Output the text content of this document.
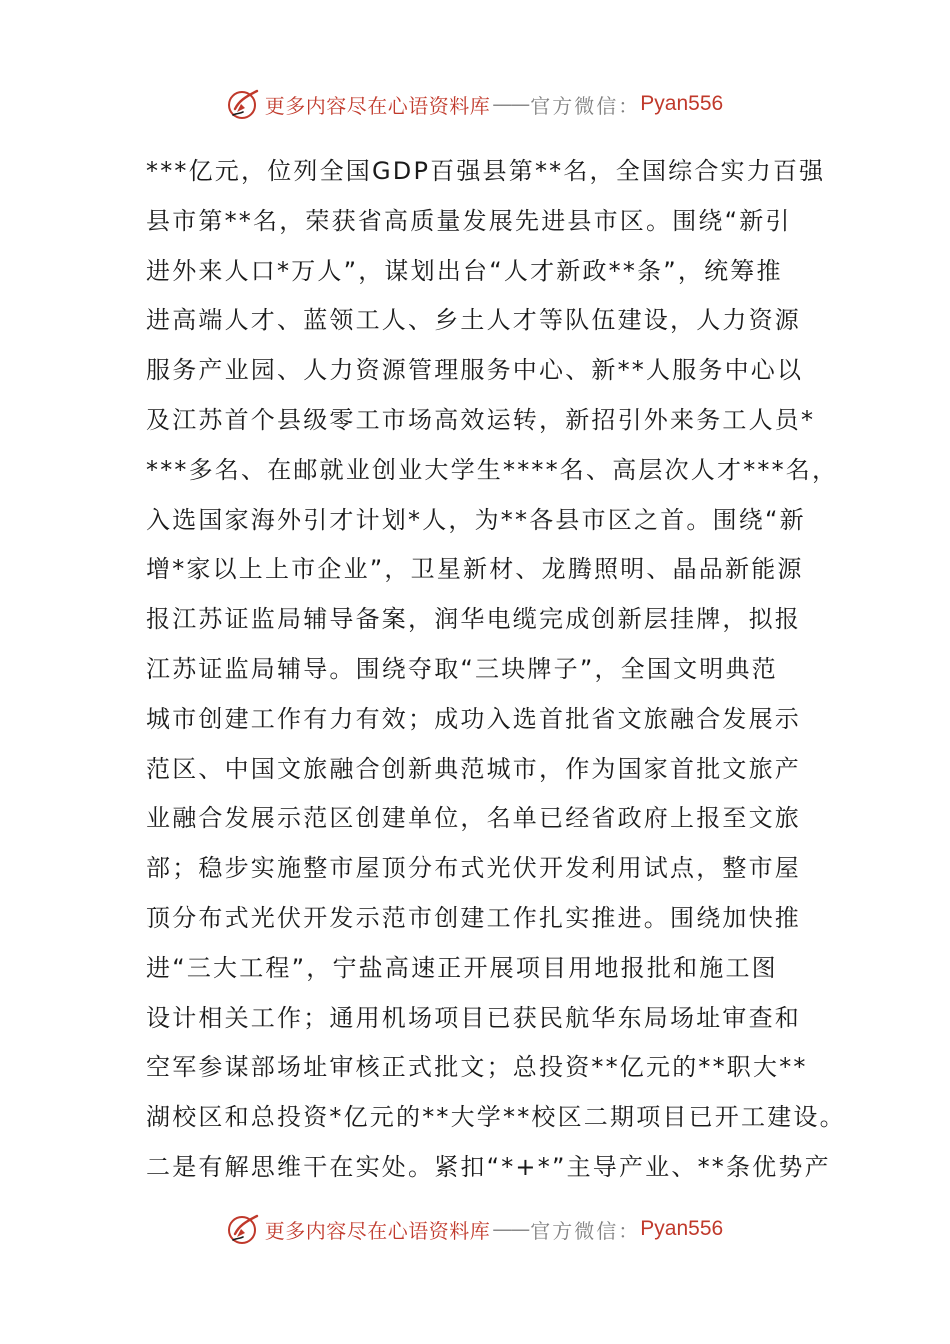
更多内容尽在心语资料库 —— 官方微信： Pyan556
***亿元，位列全国GDP百强县第**名，全国综合实力百强
县市第**名，荣获省高质量发展先进县市区。围绕“新引
进外来人口*万人”，谋划出台“人才新政**条”，统筹推
进高端人才、蓝领工人、乡土人才等队伍建设，人力资源
服务产业园、人力资源管理服务中心、新**人服务中心以
及江苏首个县级零工市场高效运转，新招引外来务工人员*
***多名、在邮就业创业大学生****名、高层次人才***名，
入选国家海外引才计划*人，为**各县市区之首。围绕“新
增*家以上上市企业”，卫星新材、龙腾照明、晶品新能源
报江苏证监局辅导备案，润华电缆完成创新层挂牌，拟报
江苏证监局辅导。围绕夺取“三块牌子”，全国文明典范
城市创建工作有力有效；成功入选首批省文旅融合发展示
范区、中国文旅融合创新典范城市，作为国家首批文旅产
业融合发展示范区创建单位，名单已经省政府上报至文旅
部；稳步实施整市屋顶分布式光伏开发利用试点，整市屋
顶分布式光伏开发示范市创建工作扎实推进。围绕加快推
进“三大工程”，宁盐高速正开展项目用地报批和施工图
设计相关工作；通用机场项目已获民航华东局场址审查和
空军参谋部场址审核正式批文；总投资**亿元的**职大**
湖校区和总投资*亿元的**大学**校区二期项目已开工建设。
二是有解思维干在实处。紧扣“*+*”主导产业、**条优势产
更多内容尽在心语资料库 —— 官方微信： Pyan556
